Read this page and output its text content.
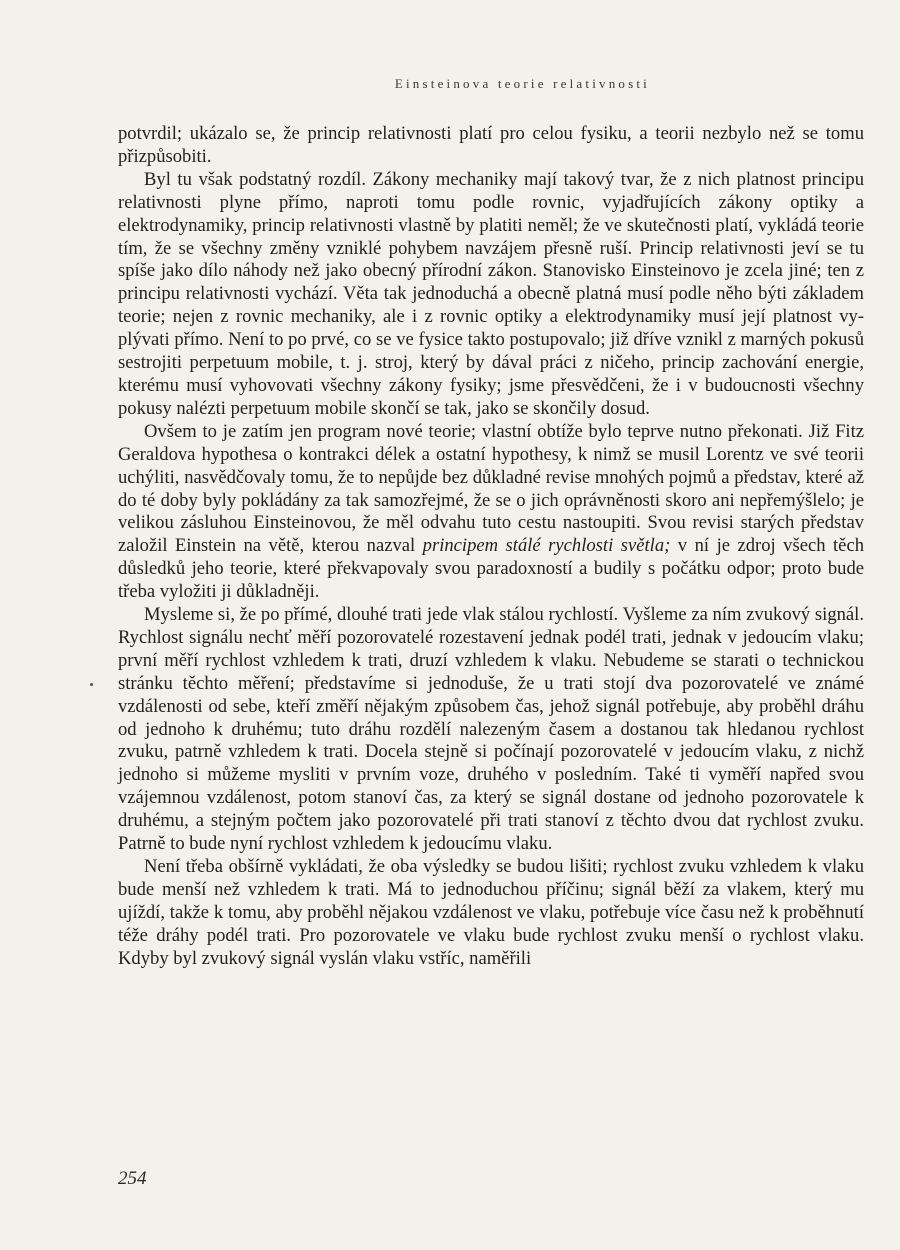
Einsteinova teorie relativnosti

potvrdil; ukázalo se, že princip relativnosti platí pro celou fysiku, a teorii nezbylo než se tomu přizpůsobiti.

Byl tu však podstatný rozdíl. Zákony mechaniky mají takový tvar, že z nich platnost principu relativnosti plyne přímo, naproti tomu podle rovnic, vyjadřujících zákony optiky a elektrodynamiky, princip relativnosti vlastně by platiti neměl; že ve skutečnosti platí, vykládá teorie tím, že se všechny změny vzniklé pohybem navzájem přesně ruší. Princip relativnosti jeví se tu spíše jako dílo náhody než jako obecný přírodní zákon. Stanovisko Einsteinovo je zcela jiné; ten z principu relativnosti vychází. Věta tak jednoduchá a obecně platná musí podle něho býti základem teorie; nejen z rovnic mechaniky, ale i z rovnic optiky a elektrodynamiky musí její platnost vyplývati přímo. Není to po prvé, co se ve fysice takto postupovalo; již dříve vznikl z marných pokusů sestrojiti perpetuum mobile, t. j. stroj, který by dával práci z ničeho, princip zachování energie, kterému musí vyhovovati všechny zákony fysiky; jsme přesvědčeni, že i v budoucnosti všechny pokusy nalézti perpetuum mobile skončí se tak, jako se skončily dosud.

Ovšem to je zatím jen program nové teorie; vlastní obtíže bylo teprve nutno překonati. Již Fitz Geraldova hypothesa o kontrakci délek a ostatní hypothesy, k nimž se musil Lorentz ve své teorii uchýliti, nasvědčovaly tomu, že to nepůjde bez důkladné revise mnohých pojmů a představ, které až do té doby byly pokládány za tak samozřejmé, že se o jich oprávněnosti skoro ani nepřemýšlelo; je velikou zásluhou Einsteinovou, že měl odvahu tuto cestu nastoupiti. Svou revisi starých představ založil Einstein na větě, kterou nazval principem stálé rychlosti světla; v ní je zdroj všech těch důsledků jeho teorie, které překvapovaly svou paradoxností a budily s počátku odpor; proto bude třeba vyložiti ji důkladněji.

Mysleme si, že po přímé, dlouhé trati jede vlak stálou rychlostí. Vyšleme za ním zvukový signál. Rychlost signálu nechť měří pozorovatelé rozestavení jednak podél trati, jednak v jedoucím vlaku; první měří rychlost vzhledem k trati, druzí vzhledem k vlaku. Nebudeme se starati o technickou stránku těchto měření; představíme si jednoduše, že u trati stojí dva pozorovatelé ve známé vzdálenosti od sebe, kteří změří nějakým způsobem čas, jehož signál potřebuje, aby proběhl dráhu od jednoho k druhému; tuto dráhu rozdělí nalezeným časem a dostanou tak hledanou rychlost zvuku, patrně vzhledem k trati. Docela stejně si počínají pozorovatelé v jedoucím vlaku, z nichž jednoho si můžeme mysliti v prvním voze, druhého v posledním. Také ti vyměří napřed svou vzájemnou vzdálenost, potom stanoví čas, za který se signál dostane od jednoho pozorovatele k druhému, a stejným počtem jako pozorovatelé při trati stanoví z těchto dvou dat rychlost zvuku. Patrně to bude nyní rychlost vzhledem k jedoucímu vlaku.

Není třeba obšírně vykládati, že oba výsledky se budou lišiti; rychlost zvuku vzhledem k vlaku bude menší než vzhledem k trati. Má to jednoduchou příčinu; signál běží za vlakem, který mu ujíždí, takže k tomu, aby proběhl nějakou vzdálenost ve vlaku, potřebuje více času než k proběhnutí téže dráhy podél trati. Pro pozorovatele ve vlaku bude rychlost zvuku menší o rychlost vlaku. Kdyby byl zvukový signál vyslán vlaku vstříc, naměřili

254
